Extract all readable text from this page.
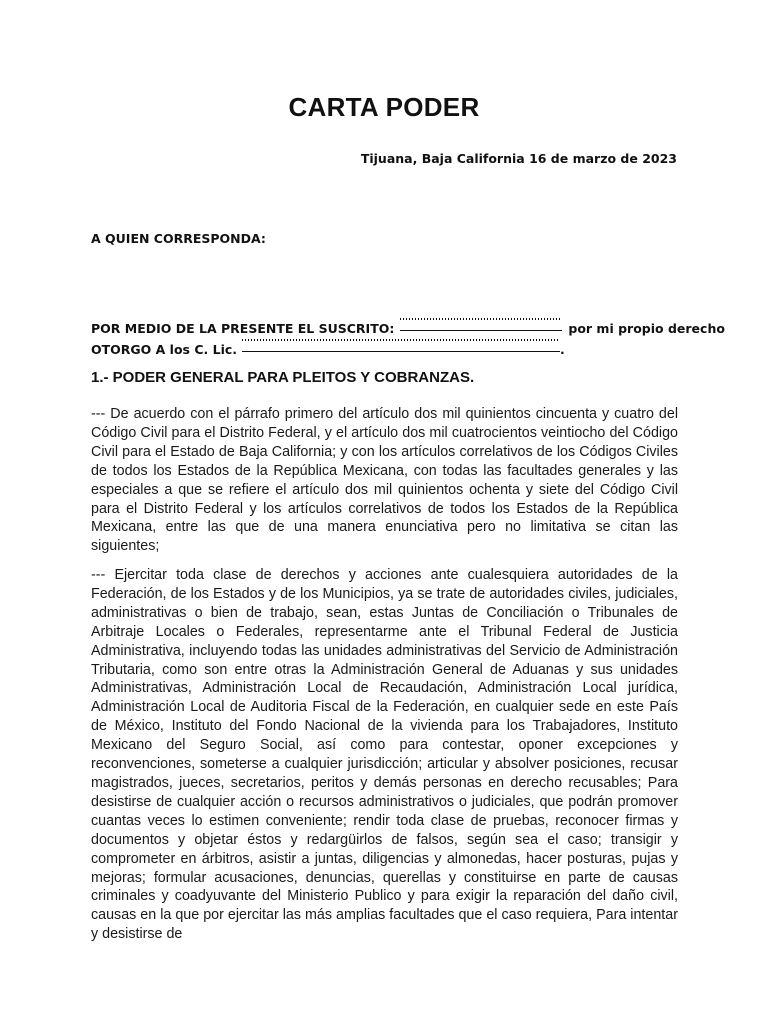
CARTA PODER
Tijuana, Baja California 16 de marzo de 2023
A QUIEN CORRESPONDA:
POR MEDIO DE LA PRESENTE EL SUSCRITO:	por mi propio derecho
OTORGO A los C. Lic.	.
1.- PODER GENERAL PARA PLEITOS Y COBRANZAS.
--- De acuerdo con el párrafo primero del artículo dos mil quinientos cincuenta y cuatro del Código Civil para el Distrito Federal, y el artículo dos mil cuatrocientos veintiocho del Código Civil para el Estado de Baja California; y con los artículos correlativos de los Códigos Civiles de todos los Estados de la República Mexicana, con todas las facultades generales y las especiales a que se refiere el artículo dos mil quinientos ochenta y siete del Código Civil para el Distrito Federal y los artículos correlativos de todos los Estados de la República Mexicana, entre las que de una manera enunciativa pero no limitativa se citan las siguientes;
--- Ejercitar toda clase de derechos y acciones ante cualesquiera autoridades de la Federación, de los Estados y de los Municipios, ya se trate de autoridades civiles, judiciales, administrativas o bien de trabajo, sean, estas Juntas de Conciliación o Tribunales de Arbitraje Locales o Federales, representarme ante el Tribunal Federal de Justicia Administrativa, incluyendo todas las unidades administrativas del Servicio de Administración Tributaria, como son entre otras la Administración General de Aduanas y sus unidades Administrativas, Administración Local de Recaudación, Administración Local jurídica, Administración Local de Auditoria Fiscal de la Federación, en cualquier sede en este País de México, Instituto del Fondo Nacional de la vivienda para los Trabajadores, Instituto Mexicano del Seguro Social, así como para contestar, oponer excepciones y reconvenciones, someterse a cualquier jurisdicción; articular y absolver posiciones, recusar magistrados, jueces, secretarios, peritos y demás personas en derecho recusables; Para desistirse de cualquier acción o recursos administrativos o judiciales, que podrán promover cuantas veces lo estimen conveniente; rendir toda clase de pruebas, reconocer firmas y documentos y objetar éstos y redargüirlos de falsos, según sea el caso; transigir y comprometer en árbitros, asistir a juntas, diligencias y almonedas, hacer posturas, pujas y mejoras; formular acusaciones, denuncias, querellas y constituirse en parte de causas criminales y coadyuvante del Ministerio Publico y para exigir la reparación del daño civil, causas en la que por ejercitar las más amplias facultades que el caso requiera, Para intentar y desistirse de
